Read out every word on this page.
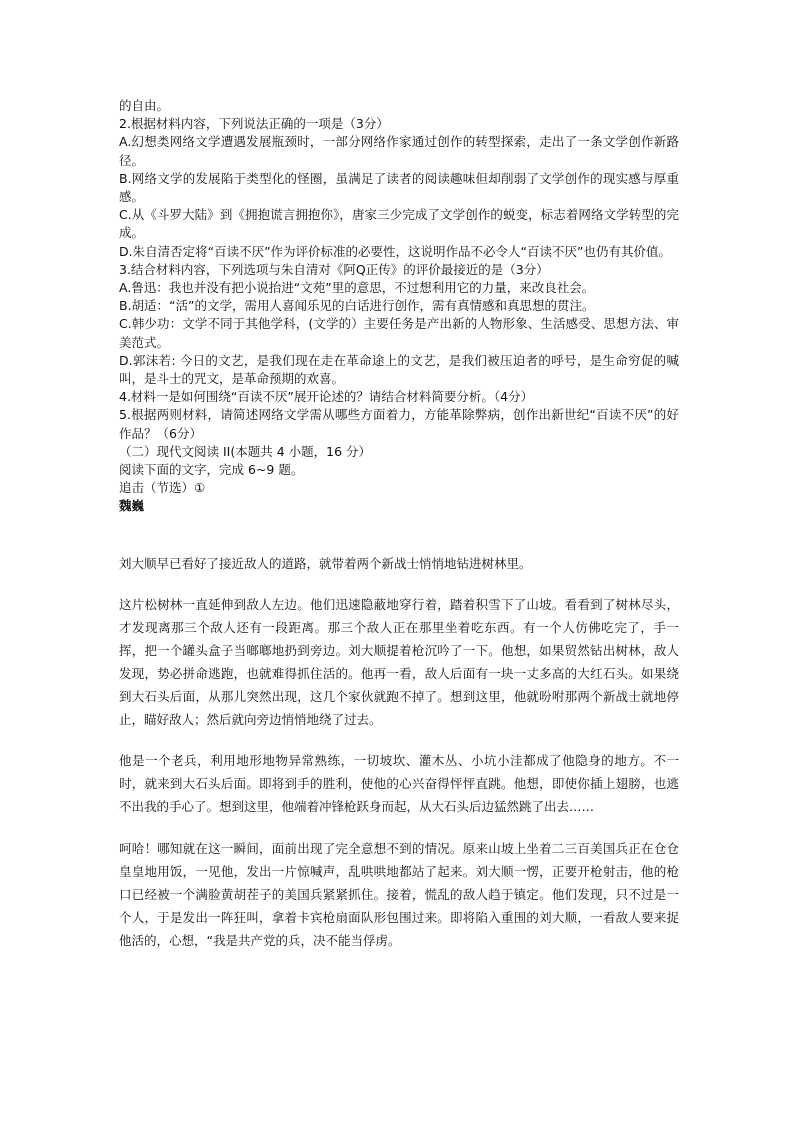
的自由。

2.根据材料内容，下列说法正确的一项是（3分）

A.幻想类网络文学遭遇发展瓶颈时，一部分网络作家通过创作的转型探索，走出了一条文学创作新路径。

B.网络文学的发展陷于类型化的怪圈，虽满足了读者的阅读趣味但却削弱了文学创作的现实感与厚重感。

C.从《斗罗大陆》到《拥抱谎言拥抱你》，唐家三少完成了文学创作的蜕变，标志着网络文学转型的完成。

D.朱自清否定将“百读不厌”作为评价标准的必要性，这说明作品不必令人“百读不厌”也仍有其价值。

3.结合材料内容，下列选项与朱自清对《阿Q正传》的评价最接近的是（3分）

A.鲁迅：我也并没有把小说抬进“文苑”里的意思，不过想利用它的力量，来改良社会。

B.胡适：“活”的文学，需用人喜闻乐见的白话进行创作，需有真情感和真思想的贯注。

C.韩少功：文学不同于其他学科，(文学的）主要任务是产出新的人物形象、生活感受、思想方法、审美范式。

D.郭沫若: 今日的文艺，是我们现在走在革命途上的文艺，是我们被压迫者的呼号，是生命穷促的喊叫，是斗士的咒文，是革命预期的欢喜。

4.材料一是如何围绕“百读不厌”展开论述的？请结合材料简要分析。（4分）

5.根据两则材料，请简述网络文学需从哪些方面着力，方能革除弊病，创作出新世纪“百读不厌”的好作品？（6分）

（二）现代文阅读 II(本题共 4 小题，16 分）

阅读下面的文字，完成 6~9 题。

追击（节选）①

魏巍

刘大顺早已看好了接近敌人的道路，就带着两个新战士悄悄地钻进树林里。

这片松树林一直延伸到敌人左边。他们迅速隐蔽地穿行着，踏着积雪下了山坡。看看到了树林尽头，才发现离那三个敌人还有一段距离。那三个敌人正在那里坐着吃东西。有一个人仿佛吃完了，手一挥，把一个罐头盒子当啷啷地扔到旁边。刘大顺提着枪沉吟了一下。他想，如果贸然钻出树林，敌人发现，势必拼命逃跑，也就难得抓住活的。他再一看，敌人后面有一块一丈多高的大红石头。如果绕到大石头后面，从那儿突然出现，这几个家伙就跑不掉了。想到这里，他就吩咐那两个新战士就地停止，瞄好敌人；然后就向旁边悄悄地绕了过去。

他是一个老兵，利用地形地物异常熟练，一切坡坎、灌木丛、小坑小洼都成了他隐身的地方。不一时，就来到大石头后面。即将到手的胜利，使他的心兴奋得怦怦直跳。他想，即使你插上翅膀，也逃不出我的手心了。想到这里，他端着冲锋枪跃身而起，从大石头后边猛然跳了出去……

呵哈！哪知就在这一瞬间，面前出现了完全意想不到的情况。原来山坡上坐着二三百美国兵正在仓仓皇皇地用饭，一见他，发出一片惊喊声，乱哄哄地都站了起来。刘大顺一愣，正要开枪射击，他的枪口已经被一个满脸黄胡茬子的美国兵紧紧抓住。接着，慌乱的敌人趋于镇定。他们发现，只不过是一个人，于是发出一阵狂叫，拿着卡宾枪扇面队形包围过来。即将陷入重围的刘大顺，一看敌人要来捉他活的，心想，“我是共产党的兵，决不能当俘虏。
